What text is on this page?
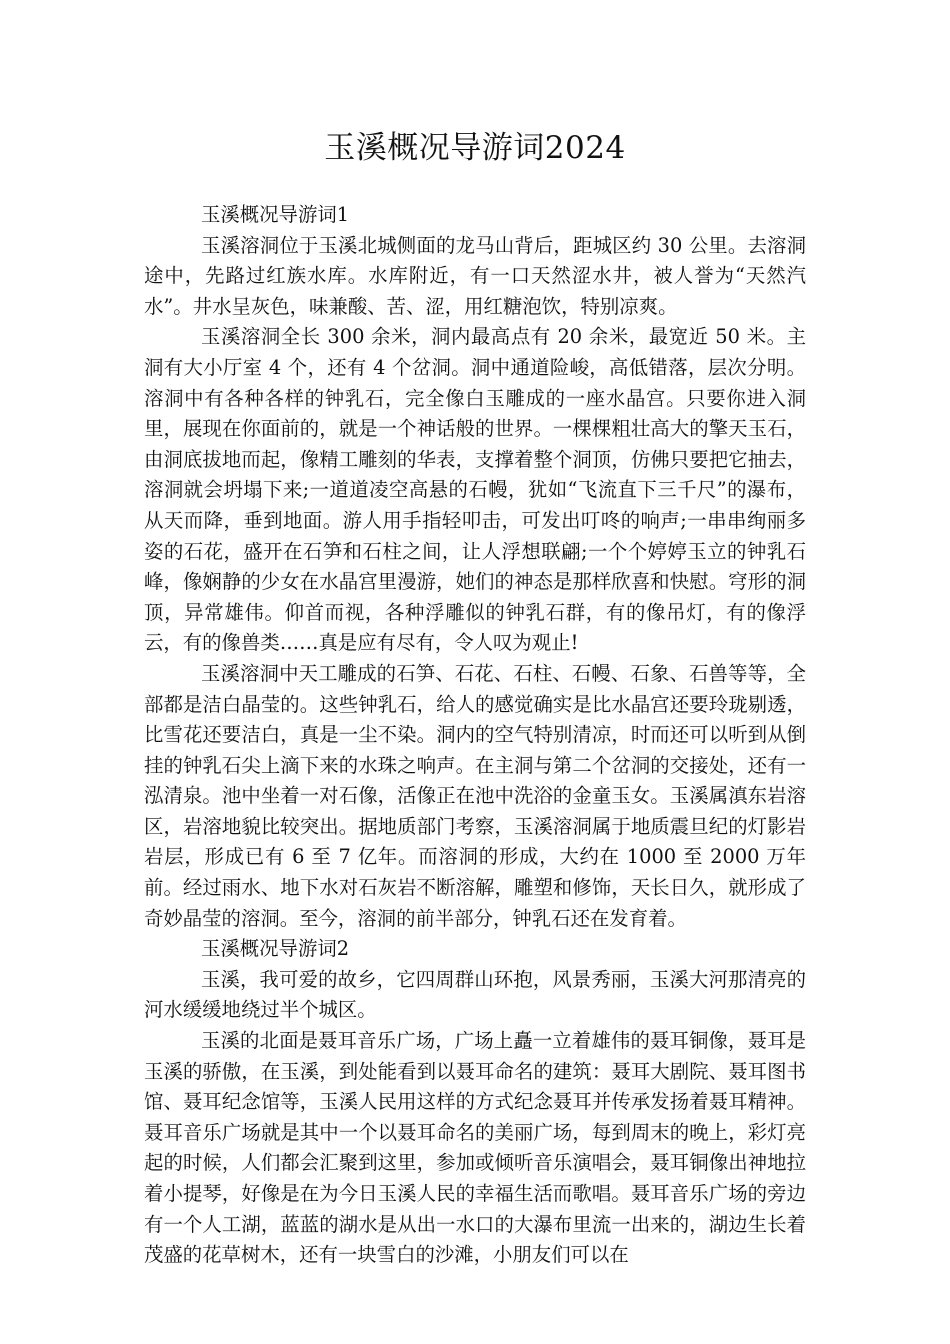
玉溪概况导游词2024

玉溪概况导游词1

玉溪溶洞位于玉溪北城侧面的龙马山背后，距城区约 30 公里。去溶洞途中，先路过红族水库。水库附近，有一口天然涩水井，被人誉为“天然汽水”。井水呈灰色，味兼酸、苦、涩，用红糖泡饮，特别凉爽。

玉溪溶洞全长 300 余米，洞内最高点有 20 余米，最宽近 50 米。主洞有大小厅室 4 个，还有 4 个岔洞。洞中通道险峻，高低错落，层次分明。溶洞中有各种各样的钟乳石，完全像白玉雕成的一座水晶宫。只要你进入洞里，展现在你面前的，就是一个神话般的世界。一棵棵粗壮高大的擎天玉石，由洞底拔地而起，像精工雕刻的华表，支撑着整个洞顶，仿佛只要把它抽去，溶洞就会坍塌下来;一道道凌空高悬的石幔，犹如“飞流直下三千尺”的瀑布，从天而降，垂到地面。游人用手指轻叩击，可发出叮咚的响声;一串串绚丽多姿的石花，盛开在石笋和石柱之间，让人浮想联翩;一个个婷婷玉立的钟乳石峰，像娴静的少女在水晶宫里漫游，她们的神态是那样欣喜和快慰。穹形的洞顶，异常雄伟。仰首而视，各种浮雕似的钟乳石群，有的像吊灯，有的像浮云，有的像兽类……真是应有尽有，令人叹为观止!

玉溪溶洞中天工雕成的石笋、石花、石柱、石幔、石象、石兽等等，全部都是洁白晶莹的。这些钟乳石，给人的感觉确实是比水晶宫还要玲珑剔透，比雪花还要洁白，真是一尘不染。洞内的空气特别清凉，时而还可以听到从倒挂的钟乳石尖上滴下来的水珠之响声。在主洞与第二个岔洞的交接处，还有一泓清泉。池中坐着一对石像，活像正在池中洗浴的金童玉女。玉溪属滇东岩溶区，岩溶地貌比较突出。据地质部门考察，玉溪溶洞属于地质震旦纪的灯影岩岩层，形成已有 6 至 7 亿年。而溶洞的形成，大约在 1000 至 2000 万年前。经过雨水、地下水对石灰岩不断溶解，雕塑和修饰，天长日久，就形成了奇妙晶莹的溶洞。至今，溶洞的前半部分，钟乳石还在发育着。

玉溪概况导游词2

玉溪，我可爱的故乡，它四周群山环抱，风景秀丽，玉溪大河那清亮的河水缓缓地绕过半个城区。

玉溪的北面是聂耳音乐广场，广场上矗一立着雄伟的聂耳铜像，聂耳是玉溪的骄傲，在玉溪，到处能看到以聂耳命名的建筑：聂耳大剧院、聂耳图书馆、聂耳纪念馆等，玉溪人民用这样的方式纪念聂耳并传承发扬着聂耳精神。聂耳音乐广场就是其中一个以聂耳命名的美丽广场，每到周末的晚上，彩灯亮起的时候，人们都会汇聚到这里，参加或倾听音乐演唱会，聂耳铜像出神地拉着小提琴，好像是在为今日玉溪人民的幸福生活而歌唱。聂耳音乐广场的旁边有一个人工湖，蓝蓝的湖水是从出一水口的大瀑布里流一出来的，湖边生长着茂盛的花草树木，还有一块雪白的沙滩，小朋友们可以在
